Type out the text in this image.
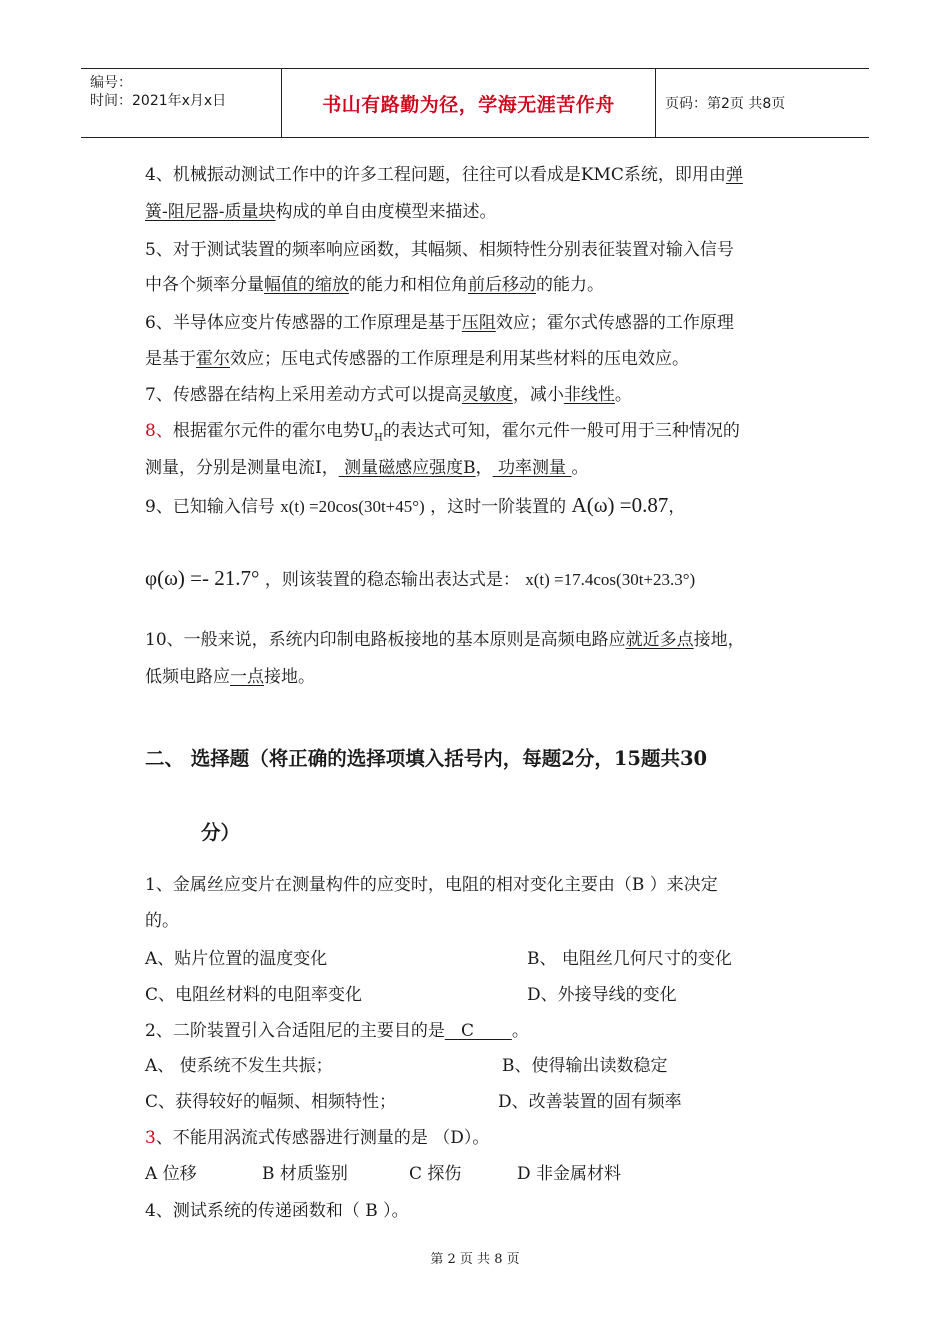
编号：
时间：2021年x月x日	书山有路勤为径，学海无涯苦作舟	页码：第2页 共8页
4、机械振动测试工作中的许多工程问题，往往可以看成是KMC系统，即用由弹
簧-阻尼器-质量块构成的单自由度模型来描述。
5、对于测试装置的频率响应函数，其幅频、相频特性分别表征装置对输入信号
中各个频率分量幅值的缩放的能力和相位角前后移动的能力。
6、半导体应变片传感器的工作原理是基于压阻效应；霍尔式传感器的工作原理
是基于霍尔效应；压电式传感器的工作原理是利用某些材料的压电效应。
7、传感器在结构上采用差动方式可以提高灵敏度，减小非线性。
8、根据霍尔元件的霍尔电势$U_H$的表达式可知，霍尔元件一般可用于三种情况的
测量，分别是测量电流I， 测量磁感应强度B， 功率测量 。
9、已知输入信号 x(t) =20cos(30t+45°) ，这时一阶装置的 A(ω) =0.87，
φ(ω) =- 21.7° ，则该装置的稳态输出表达式是： x(t) =17.4cos(30t+23.3°)
10、一般来说，系统内印制电路板接地的基本原则是高频电路应就近多点接地，
低频电路应一点接地。
二、 选择题（将正确的选择项填入括号内，每题2分，15题共30
分）
1、金属丝应变片在测量构件的应变时，电阻的相对变化主要由（B ）来决定
的。
A、贴片位置的温度变化	B、 电阻丝几何尺寸的变化
C、电阻丝材料的电阻率变化	D、外接导线的变化
2、二阶装置引入合适阻尼的主要目的是   C       。
A、 使系统不发生共振；	B、使得输出读数稳定
C、获得较好的幅频、相频特性；	D、改善装置的固有频率
3、不能用涡流式传感器进行测量的是 （D）。
A 位移	B 材质鉴别	C 探伤	D 非金属材料
4、测试系统的传递函数和（ B ）。
第 2 页 共 8 页
